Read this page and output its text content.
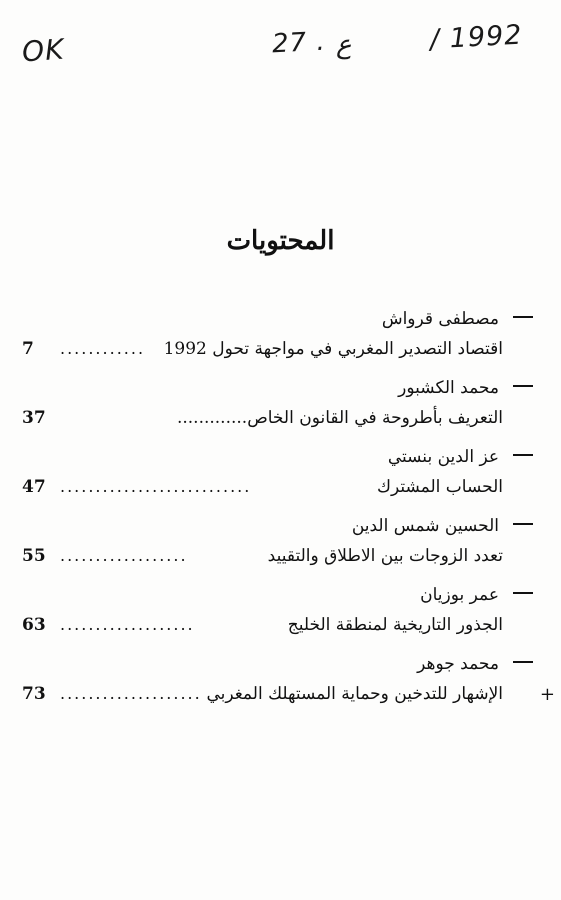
OK	27 . ع	/ 1992
المحتويات
مصطفى قرواش
اقتصاد التصدير المغربي في مواجهة تحول 1992
............
7
محمد الكشبور
التعريف بأطروحة في القانون الخاص.............
37
عز الدين بنستي
الحساب المشترك
...........................
47
الحسين شمس الدين
تعدد الزوجات بين الاطلاق والتقييد
..................
55
عمر بوزيان
الجذور التاريخية لمنطقة الخليج
...................
63
محمد جوهر
+
الإشهار للتدخين وحماية المستهلك المغربي
....................
73
